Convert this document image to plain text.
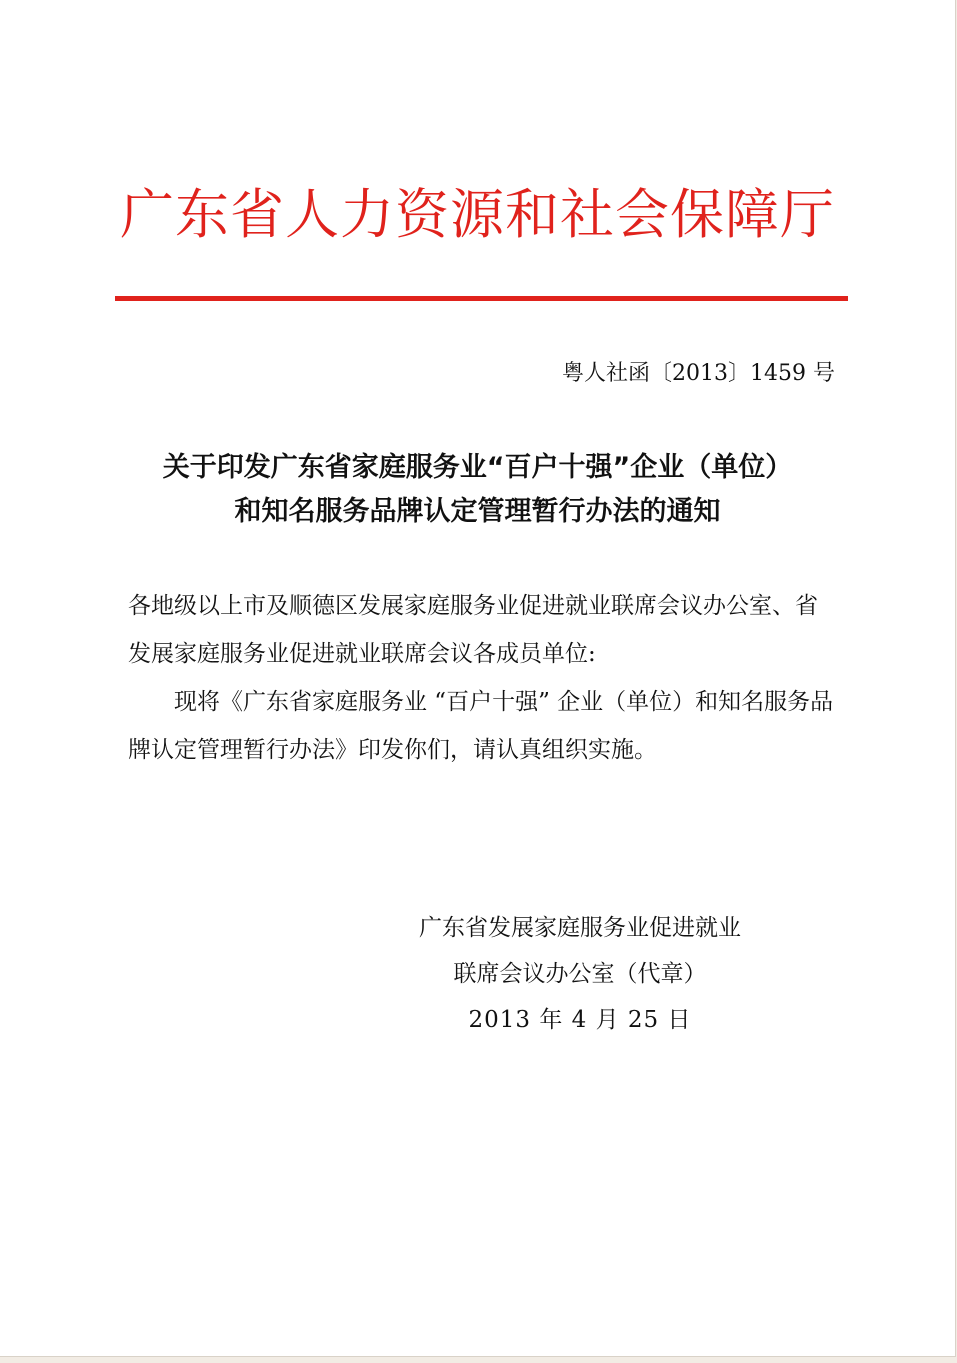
广东省人力资源和社会保障厅
粤人社函〔2013〕1459 号
关于印发广东省家庭服务业“百户十强”企业（单位）
和知名服务品牌认定管理暂行办法的通知

各地级以上市及顺德区发展家庭服务业促进就业联席会议办公室、省发展家庭服务业促进就业联席会议各成员单位:

现将《广东省家庭服务业 “百户十强” 企业（单位）和知名服务品牌认定管理暂行办法》印发你们，请认真组织实施。

广东省发展家庭服务业促进就业
联席会议办公室（代章）
2013 年 4 月 25 日
